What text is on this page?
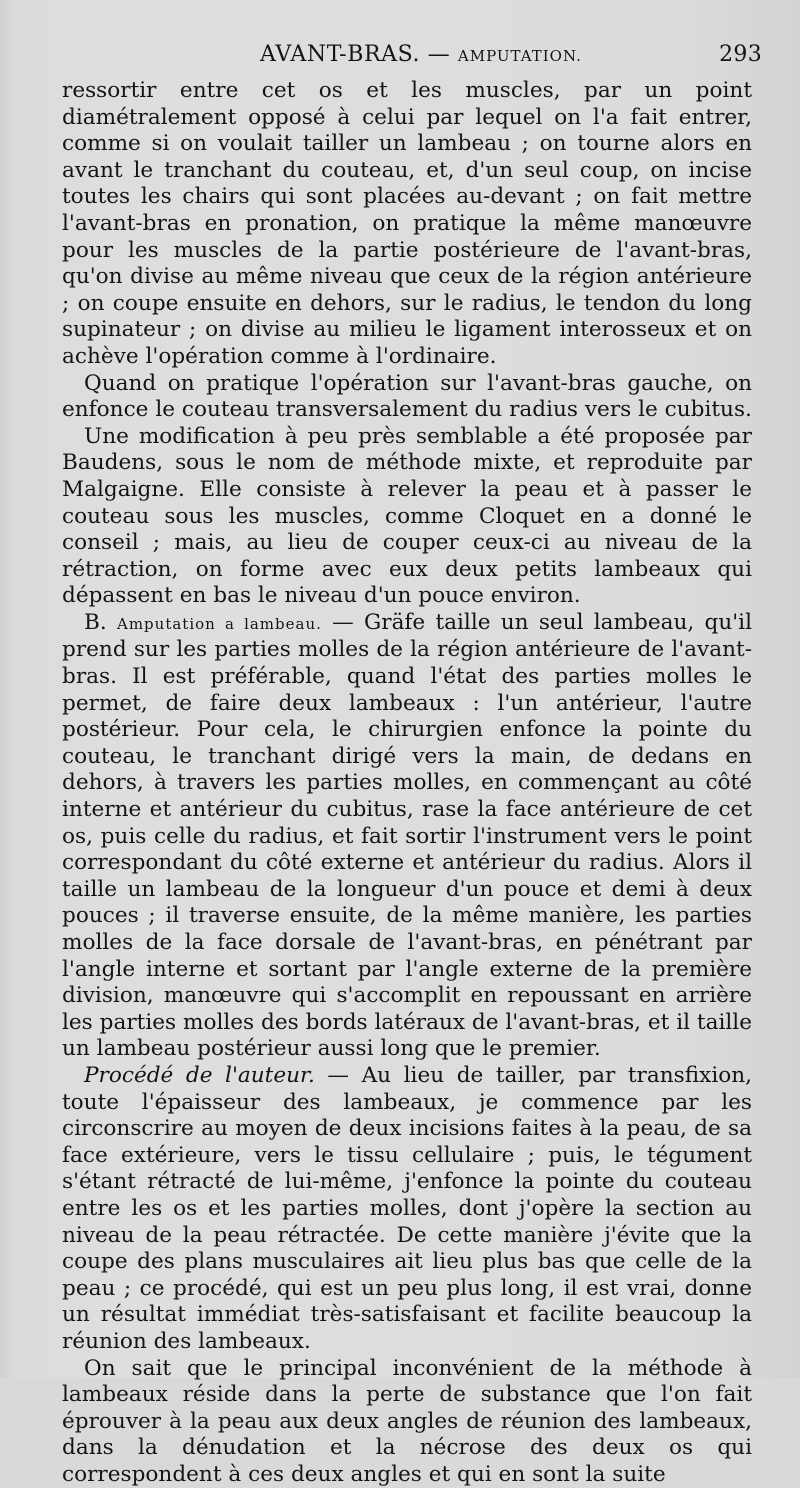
AVANT-BRAS. — AMPUTATION.	293

ressortir entre cet os et les muscles, par un point diamétralement opposé à celui par lequel on l'a fait entrer, comme si on voulait tailler un lambeau ; on tourne alors en avant le tranchant du couteau, et, d'un seul coup, on incise toutes les chairs qui sont placées au-devant ; on fait mettre l'avant-bras en pronation, on pratique la même manœuvre pour les muscles de la partie postérieure de l'avant-bras, qu'on divise au même niveau que ceux de la région antérieure ; on coupe ensuite en dehors, sur le radius, le tendon du long supinateur ; on divise au milieu le ligament interosseux et on achève l'opération comme à l'ordinaire.

Quand on pratique l'opération sur l'avant-bras gauche, on enfonce le couteau transversalement du radius vers le cubitus.

Une modification à peu près semblable a été proposée par Baudens, sous le nom de méthode mixte, et reproduite par Malgaigne. Elle consiste à relever la peau et à passer le couteau sous les muscles, comme Cloquet en a donné le conseil ; mais, au lieu de couper ceux-ci au niveau de la rétraction, on forme avec eux deux petits lambeaux qui dépassent en bas le niveau d'un pouce environ.

B. Amputation a lambeau. — Gräfe taille un seul lambeau, qu'il prend sur les parties molles de la région antérieure de l'avant-bras. Il est préférable, quand l'état des parties molles le permet, de faire deux lambeaux : l'un antérieur, l'autre postérieur. Pour cela, le chirurgien enfonce la pointe du couteau, le tranchant dirigé vers la main, de dedans en dehors, à travers les parties molles, en commençant au côté interne et antérieur du cubitus, rase la face antérieure de cet os, puis celle du radius, et fait sortir l'instrument vers le point correspondant du côté externe et antérieur du radius. Alors il taille un lambeau de la longueur d'un pouce et demi à deux pouces ; il traverse ensuite, de la même manière, les parties molles de la face dorsale de l'avant-bras, en pénétrant par l'angle interne et sortant par l'angle externe de la première division, manœuvre qui s'accomplit en repoussant en arrière les parties molles des bords latéraux de l'avant-bras, et il taille un lambeau postérieur aussi long que le premier.

Procédé de l'auteur. — Au lieu de tailler, par transfixion, toute l'épaisseur des lambeaux, je commence par les circonscrire au moyen de deux incisions faites à la peau, de sa face extérieure, vers le tissu cellulaire ; puis, le tégument s'étant rétracté de lui-même, j'enfonce la pointe du couteau entre les os et les parties molles, dont j'opère la section au niveau de la peau rétractée. De cette manière j'évite que la coupe des plans musculaires ait lieu plus bas que celle de la peau ; ce procédé, qui est un peu plus long, il est vrai, donne un résultat immédiat très-satisfaisant et facilite beaucoup la réunion des lambeaux.

On sait que le principal inconvénient de la méthode à lambeaux réside dans la perte de substance que l'on fait éprouver à la peau aux deux angles de réunion des lambeaux, dans la dénudation et la nécrose des deux os qui correspondent à ces deux angles et qui en sont la suite
